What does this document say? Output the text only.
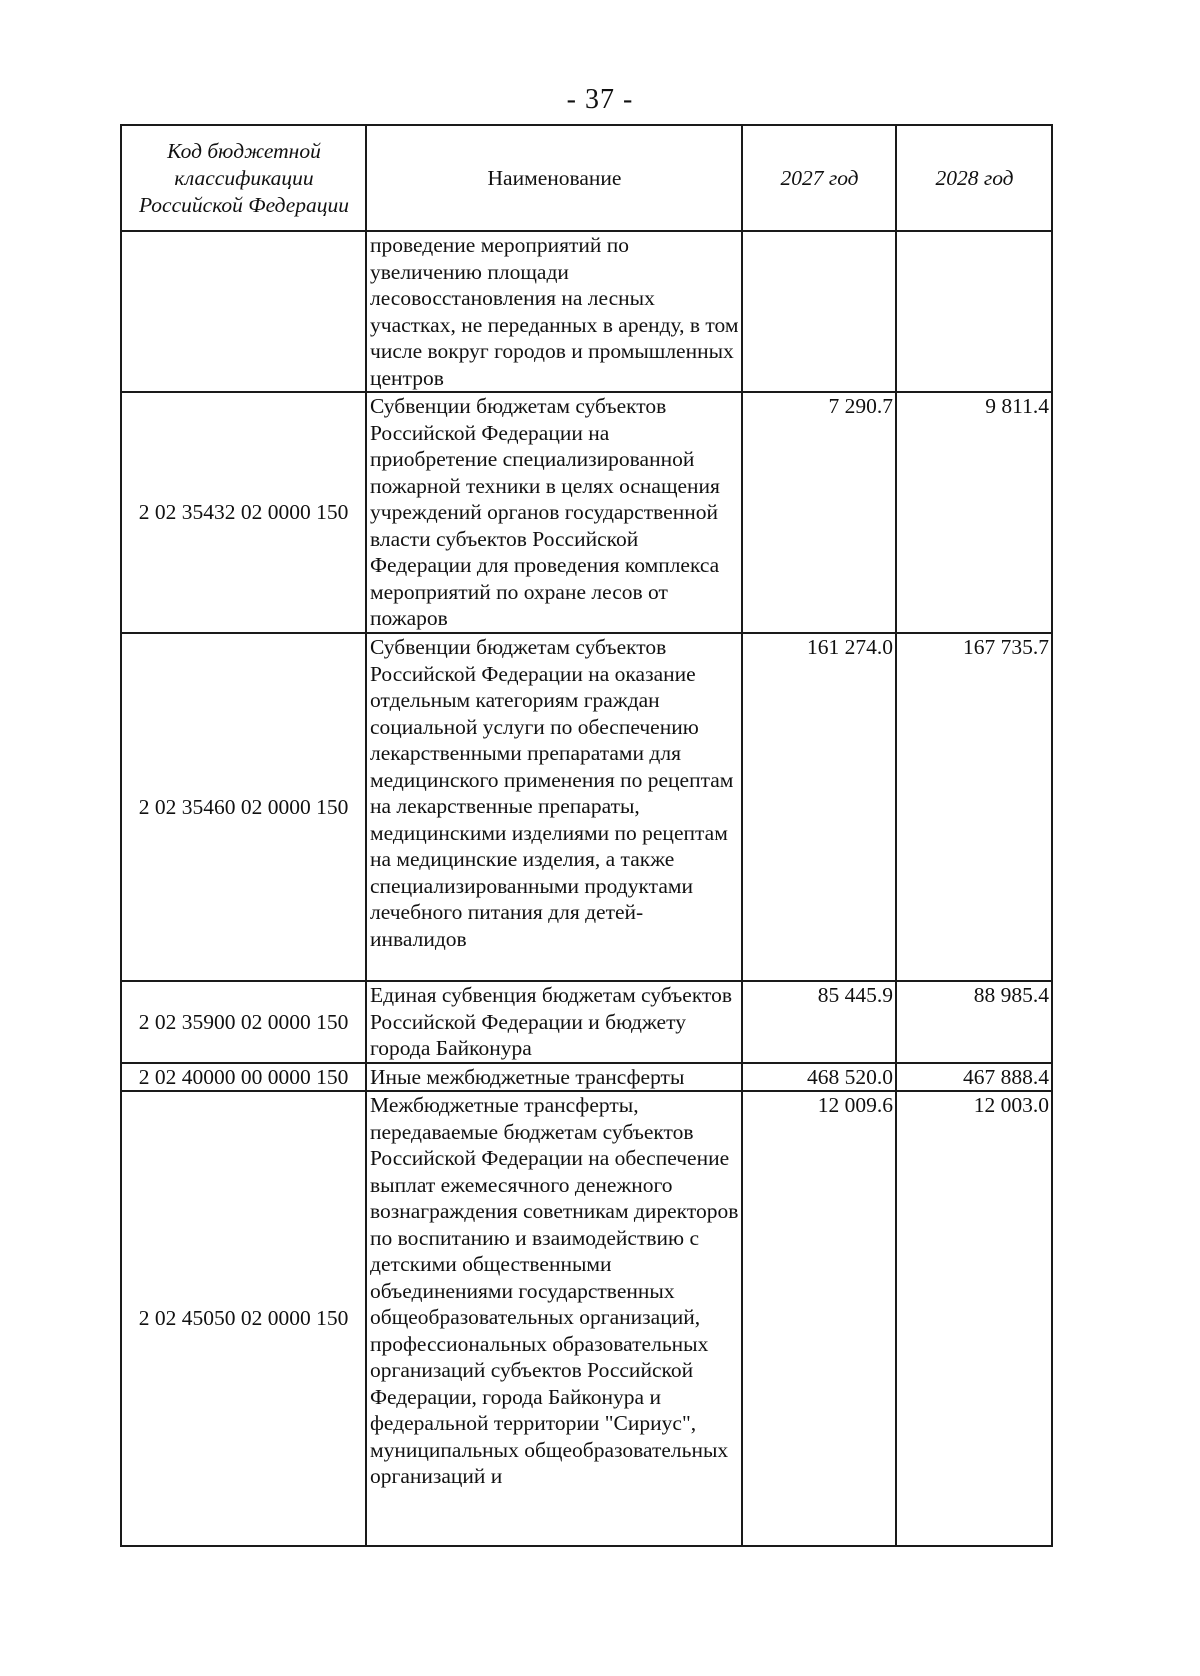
- 37 -
Код бюджетной классификации Российской Федерации	Наименование	2027 год	2028 год
	проведение мероприятий по увеличению площади лесовосстановления на лесных участках, не переданных в аренду, в том числе вокруг городов и промышленных центров		
2 02 35432 02 0000 150	Субвенции бюджетам субъектов Российской Федерации на приобретение специализированной пожарной техники в целях оснащения учреждений органов государственной власти субъектов Российской Федерации для проведения комплекса мероприятий по охране лесов от пожаров	7 290.7	9 811.4
2 02 35460 02 0000 150	Субвенции бюджетам субъектов Российской Федерации на оказание отдельным категориям граждан социальной услуги по обеспечению лекарственными препаратами для медицинского применения по рецептам на лекарственные препараты, медицинскими изделиями по рецептам на медицинские изделия, а также специализированными продуктами лечебного питания для детей-инвалидов	161 274.0	167 735.7
2 02 35900 02 0000 150	Единая субвенция бюджетам субъектов Российской Федерации и бюджету города Байконура	85 445.9	88 985.4
2 02 40000 00 0000 150	Иные межбюджетные трансферты	468 520.0	467 888.4
2 02 45050 02 0000 150	Межбюджетные трансферты, передаваемые бюджетам субъектов Российской Федерации на обеспечение выплат ежемесячного денежного вознаграждения советникам директоров по воспитанию и взаимодействию с детскими общественными объединениями государственных общеобразовательных организаций, профессиональных образовательных организаций субъектов Российской Федерации, города Байконура и федеральной территории "Сириус", муниципальных общеобразовательных организаций и	12 009.6	12 003.0
